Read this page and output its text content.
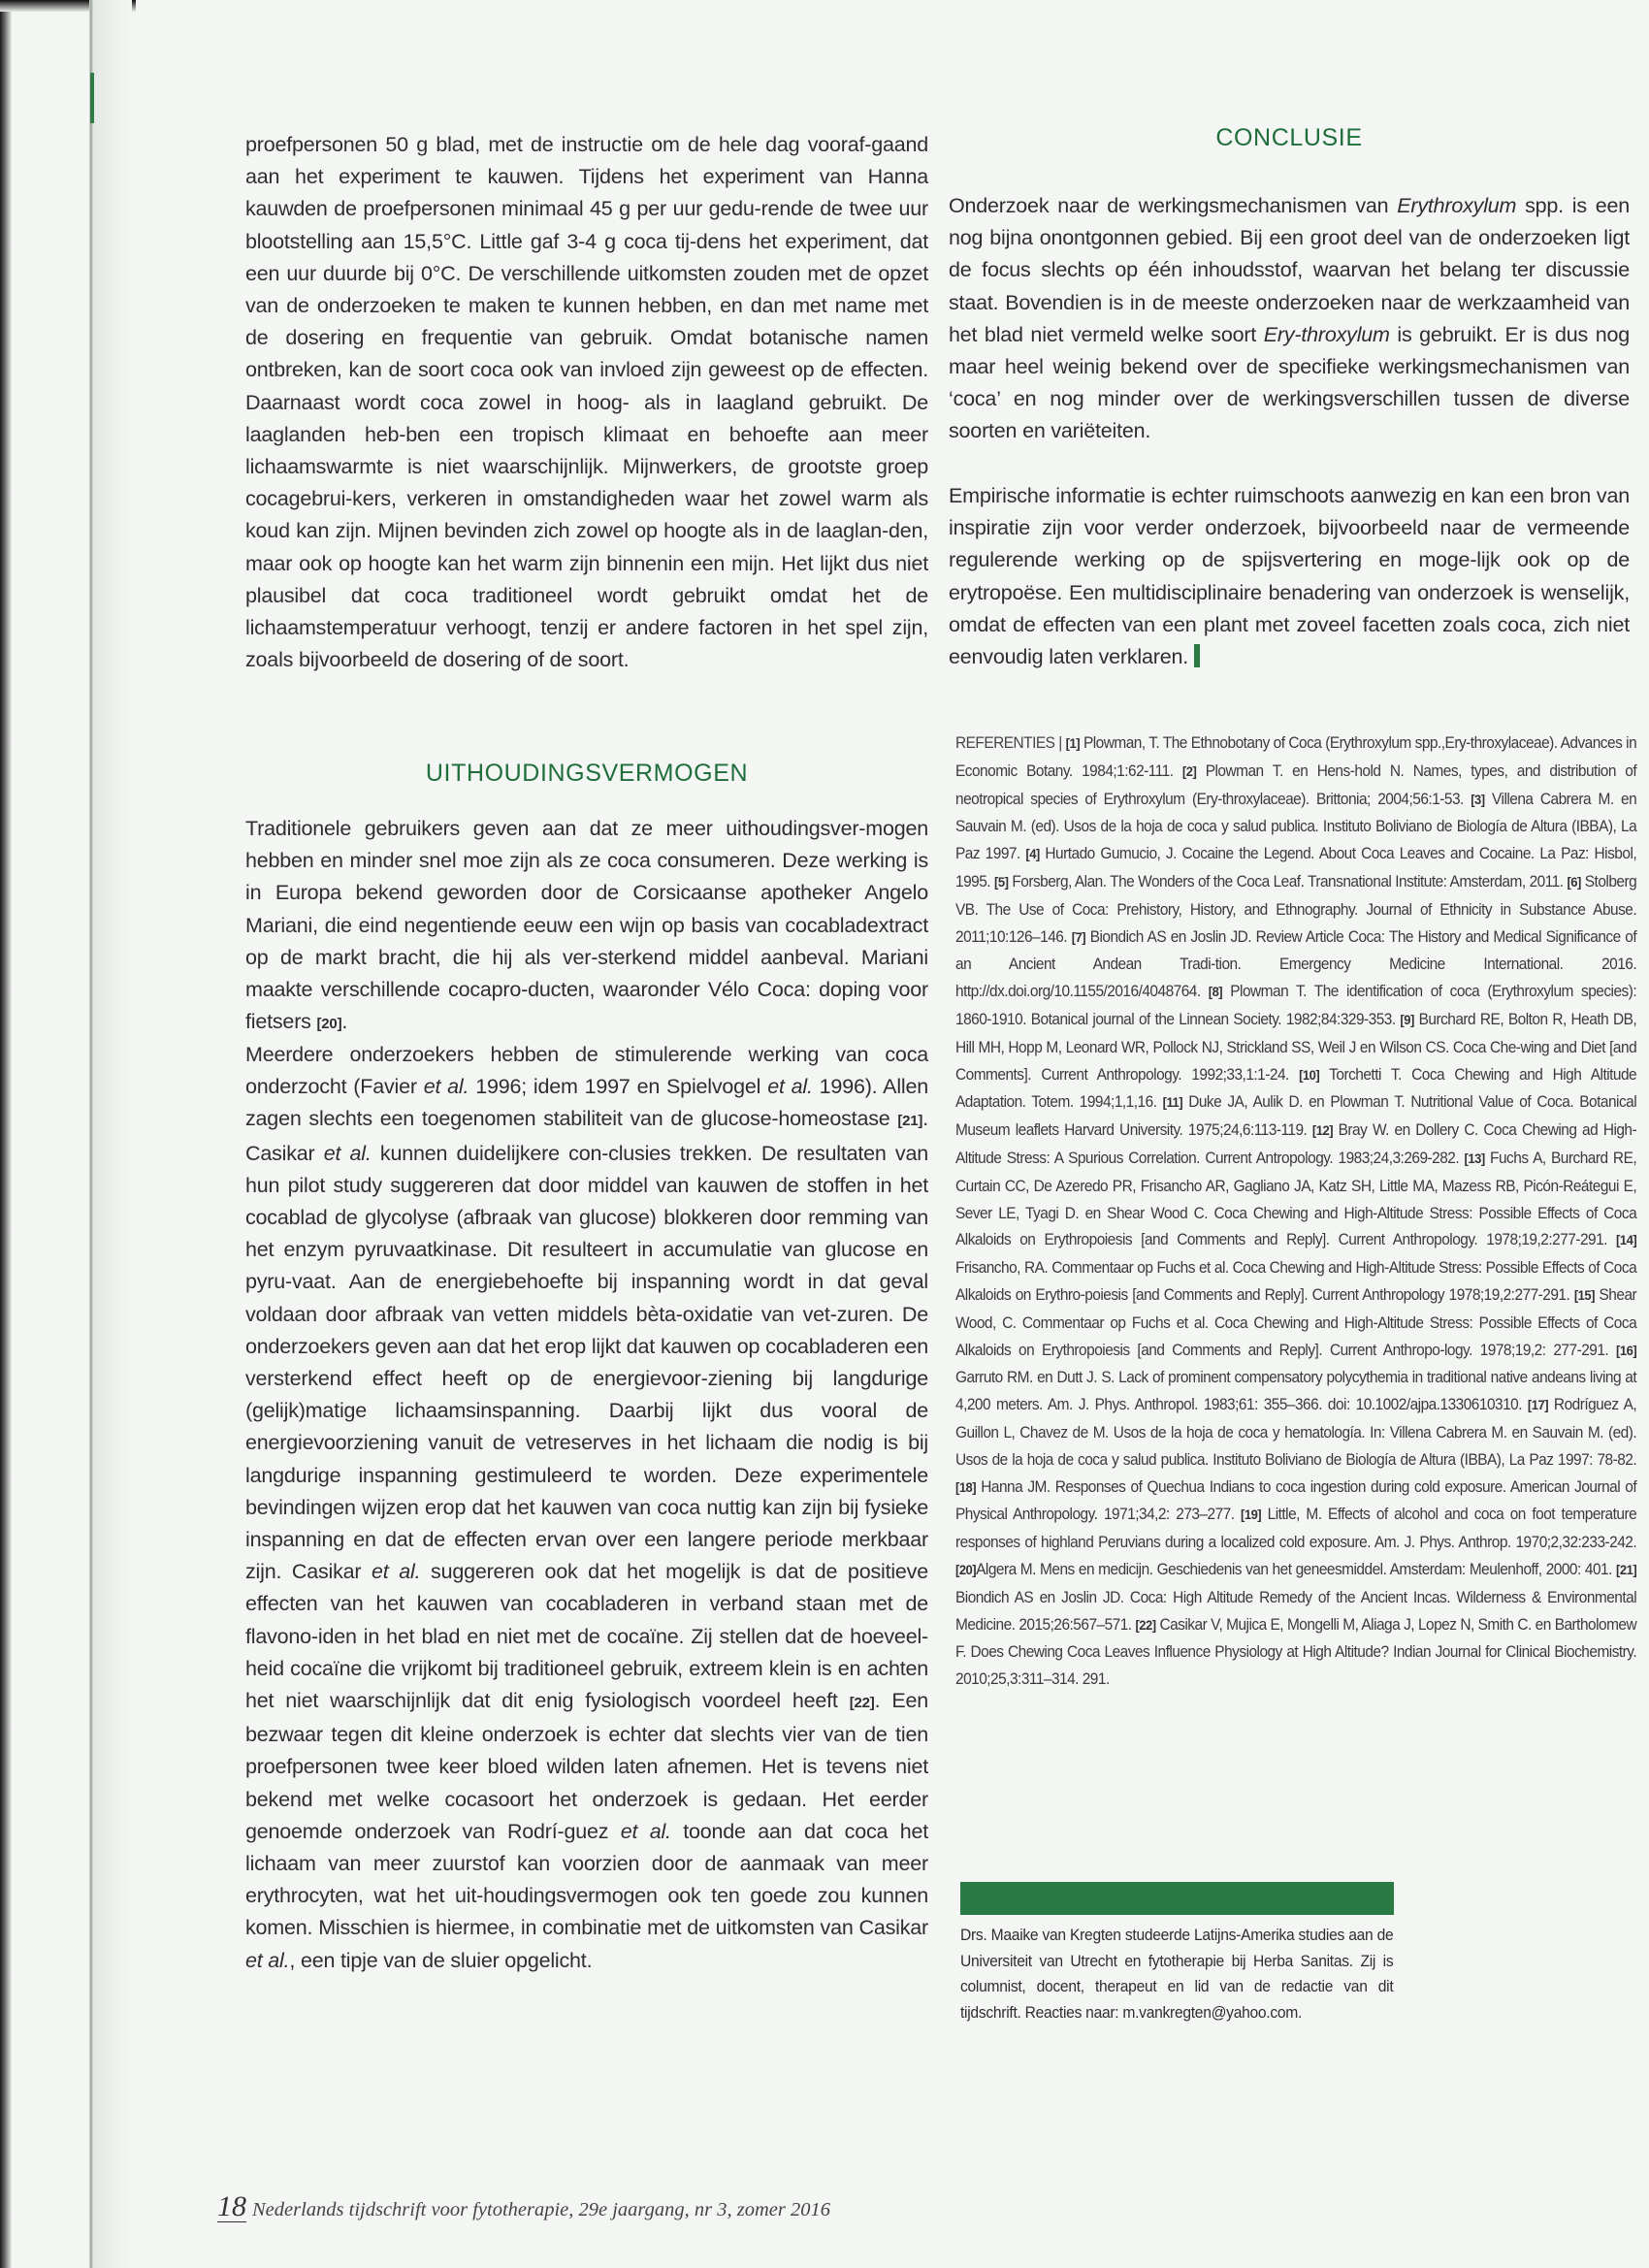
proefpersonen 50 g blad, met de instructie om de hele dag vooraf-gaand aan het experiment te kauwen. Tijdens het experiment van Hanna kauwden de proefpersonen minimaal 45 g per uur gedu-rende de twee uur blootstelling aan 15,5°C. Little gaf 3-4 g coca tij-dens het experiment, dat een uur duurde bij 0°C. De verschillende uitkomsten zouden met de opzet van de onderzoeken te maken te kunnen hebben, en dan met name met de dosering en frequentie van gebruik. Omdat botanische namen ontbreken, kan de soort coca ook van invloed zijn geweest op de effecten. Daarnaast wordt coca zowel in hoog- als in laagland gebruikt. De laaglanden heb-ben een tropisch klimaat en behoefte aan meer lichaamswarmte is niet waarschijnlijk. Mijnwerkers, de grootste groep cocagebrui-kers, verkeren in omstandigheden waar het zowel warm als koud kan zijn. Mijnen bevinden zich zowel op hoogte als in de laaglan-den, maar ook op hoogte kan het warm zijn binnenin een mijn. Het lijkt dus niet plausibel dat coca traditioneel wordt gebruikt omdat het de lichaamstemperatuur verhoogt, tenzij er andere factoren in het spel zijn, zoals bijvoorbeeld de dosering of de soort.

UITHOUDINGSVERMOGEN

Traditionele gebruikers geven aan dat ze meer uithoudingsver-mogen hebben en minder snel moe zijn als ze coca consumeren. Deze werking is in Europa bekend geworden door de Corsicaanse apotheker Angelo Mariani, die eind negentiende eeuw een wijn op basis van cocabladextract op de markt bracht, die hij als ver-sterkend middel aanbeval. Mariani maakte verschillende cocapro-ducten, waaronder Vélo Coca: doping voor fietsers [20].

Meerdere onderzoekers hebben de stimulerende werking van coca onderzocht (Favier et al. 1996; idem 1997 en Spielvogel et al. 1996). Allen zagen slechts een toegenomen stabiliteit van de glucose-homeostase [21]. Casikar et al. kunnen duidelijkere con-clusies trekken. De resultaten van hun pilot study suggereren dat door middel van kauwen de stoffen in het cocablad de glycolyse (afbraak van glucose) blokkeren door remming van het enzym pyruvaatkinase. Dit resulteert in accumulatie van glucose en pyru-vaat. Aan de energiebehoefte bij inspanning wordt in dat geval voldaan door afbraak van vetten middels bèta-oxidatie van vet-zuren. De onderzoekers geven aan dat het erop lijkt dat kauwen op cocabladeren een versterkend effect heeft op de energievoor-ziening bij langdurige (gelijk)matige lichaamsinspanning. Daarbij lijkt dus vooral de energievoorziening vanuit de vetreserves in het lichaam die nodig is bij langdurige inspanning gestimuleerd te worden. Deze experimentele bevindingen wijzen erop dat het kauwen van coca nuttig kan zijn bij fysieke inspanning en dat de effecten ervan over een langere periode merkbaar zijn. Casikar et al. suggereren ook dat het mogelijk is dat de positieve effecten van het kauwen van cocabladeren in verband staan met de flavono-iden in het blad en niet met de cocaïne. Zij stellen dat de hoeveel-heid cocaïne die vrijkomt bij traditioneel gebruik, extreem klein is en achten het niet waarschijnlijk dat dit enig fysiologisch voordeel heeft [22]. Een bezwaar tegen dit kleine onderzoek is echter dat slechts vier van de tien proefpersonen twee keer bloed wilden laten afnemen. Het is tevens niet bekend met welke cocasoort het onderzoek is gedaan. Het eerder genoemde onderzoek van Rodrí-guez et al. toonde aan dat coca het lichaam van meer zuurstof kan voorzien door de aanmaak van meer erythrocyten, wat het uit-houdingsvermogen ook ten goede zou kunnen komen. Misschien is hiermee, in combinatie met de uitkomsten van Casikar et al., een tipje van de sluier opgelicht.

CONCLUSIE

Onderzoek naar de werkingsmechanismen van Erythroxylum spp. is een nog bijna onontgonnen gebied. Bij een groot deel van de onderzoeken ligt de focus slechts op één inhoudsstof, waarvan het belang ter discussie staat. Bovendien is in de meeste onderzoeken naar de werkzaamheid van het blad niet vermeld welke soort Ery-throxylum is gebruikt. Er is dus nog maar heel weinig bekend over de specifieke werkingsmechanismen van ‘coca’ en nog minder over de werkingsverschillen tussen de diverse soorten en variëteiten.

Empirische informatie is echter ruimschoots aanwezig en kan een bron van inspiratie zijn voor verder onderzoek, bijvoorbeeld naar de vermeende regulerende werking op de spijsvertering en moge-lijk ook op de erytropoëse. Een multidisciplinaire benadering van onderzoek is wenselijk, omdat de effecten van een plant met zoveel facetten zoals coca, zich niet eenvoudig laten verklaren.

REFERENTIES | [1] Plowman, T. The Ethnobotany of Coca (Erythroxylum spp.,Ery-throxylaceae). Advances in Economic Botany. 1984;1:62-111. [2] Plowman T. en Hens-hold N. Names, types, and distribution of neotropical species of Erythroxylum (Ery-throxylaceae). Brittonia; 2004;56:1-53. [3] Villena Cabrera M. en Sauvain M. (ed). Usos de la hoja de coca y salud publica. Instituto Boliviano de Biología de Altura (IBBA), La Paz 1997. [4] Hurtado Gumucio, J. Cocaine the Legend. About Coca Leaves and Cocaine. La Paz: Hisbol, 1995. [5] Forsberg, Alan. The Wonders of the Coca Leaf. Transnational Institute: Amsterdam, 2011. [6] Stolberg VB. The Use of Coca: Prehistory, History, and Ethnography. Journal of Ethnicity in Substance Abuse. 2011;10:126–146. [7] Biondich AS en Joslin JD. Review Article Coca: The History and Medical Significance of an Ancient Andean Tradi-tion. Emergency Medicine International. 2016. http://dx.doi.org/10.1155/2016/4048764. [8] Plowman T. The identification of coca (Erythroxylum species): 1860-1910. Botanical journal of the Linnean Society. 1982;84:329-353. [9] Burchard RE, Bolton R, Heath DB, Hill MH, Hopp M, Leonard WR, Pollock NJ, Strickland SS, Weil J en Wilson CS. Coca Che-wing and Diet [and Comments]. Current Anthropology. 1992;33,1:1-24. [10] Torchetti T. Coca Chewing and High Altitude Adaptation. Totem. 1994;1,1,16. [11] Duke JA, Aulik D. en Plowman T. Nutritional Value of Coca. Botanical Museum leaflets Harvard University. 1975;24,6:113-119. [12] Bray W. en Dollery C. Coca Chewing ad High-Altitude Stress: A Spurious Correlation. Current Antropology. 1983;24,3:269-282. [13] Fuchs A, Burchard RE, Curtain CC, De Azeredo PR, Frisancho AR, Gagliano JA, Katz SH, Little MA, Mazess RB, Picón-Reátegui E, Sever LE, Tyagi D. en Shear Wood C. Coca Chewing and High-Altitude Stress: Possible Effects of Coca Alkaloids on Erythropoiesis [and Comments and Reply]. Current Anthropology. 1978;19,2:277-291. [14] Frisancho, RA. Commentaar op Fuchs et al. Coca Chewing and High-Altitude Stress: Possible Effects of Coca Alkaloids on Erythro-poiesis [and Comments and Reply]. Current Anthropology 1978;19,2:277-291. [15] Shear Wood, C. Commentaar op Fuchs et al. Coca Chewing and High-Altitude Stress: Possible Effects of Coca Alkaloids on Erythropoiesis [and Comments and Reply]. Current Anthropo-logy. 1978;19,2: 277-291. [16] Garruto RM. en Dutt J. S. Lack of prominent compensatory polycythemia in traditional native andeans living at 4,200 meters. Am. J. Phys. Anthropol. 1983;61: 355–366. doi: 10.1002/ajpa.1330610310. [17] Rodríguez A, Guillon L, Chavez de M. Usos de la hoja de coca y hematología. In: Villena Cabrera M. en Sauvain M. (ed). Usos de la hoja de coca y salud publica. Instituto Boliviano de Biología de Altura (IBBA), La Paz 1997: 78-82. [18] Hanna JM. Responses of Quechua Indians to coca ingestion during cold exposure. American Journal of Physical Anthropology. 1971;34,2: 273–277. [19] Little, M. Effects of alcohol and coca on foot temperature responses of highland Peruvians during a localized cold exposure. Am. J. Phys. Anthrop. 1970;2,32:233-242.[20]Algera M. Mens en medicijn. Geschiedenis van het geneesmiddel. Amsterdam: Meulenhoff, 2000: 401. [21] Biondich AS en Joslin JD. Coca: High Altitude Remedy of the Ancient Incas. Wilderness & Environmental Medicine. 2015;26:567–571. [22] Casikar V, Mujica E, Mongelli M, Aliaga J, Lopez N, Smith C. en Bartholomew F. Does Chewing Coca Leaves Influence Physiology at High Altitude? Indian Journal for Clinical Biochemistry. 2010;25,3:311–314. 291.

Drs. Maaike van Kregten studeerde Latijns-Amerika studies aan de Universiteit van Utrecht en fytotherapie bij Herba Sanitas. Zij is columnist, docent, therapeut en lid van de redactie van dit tijdschrift. Reacties naar: m.vankregten@yahoo.com.
18 Nederlands tijdschrift voor fytotherapie, 29e jaargang, nr 3, zomer 2016
